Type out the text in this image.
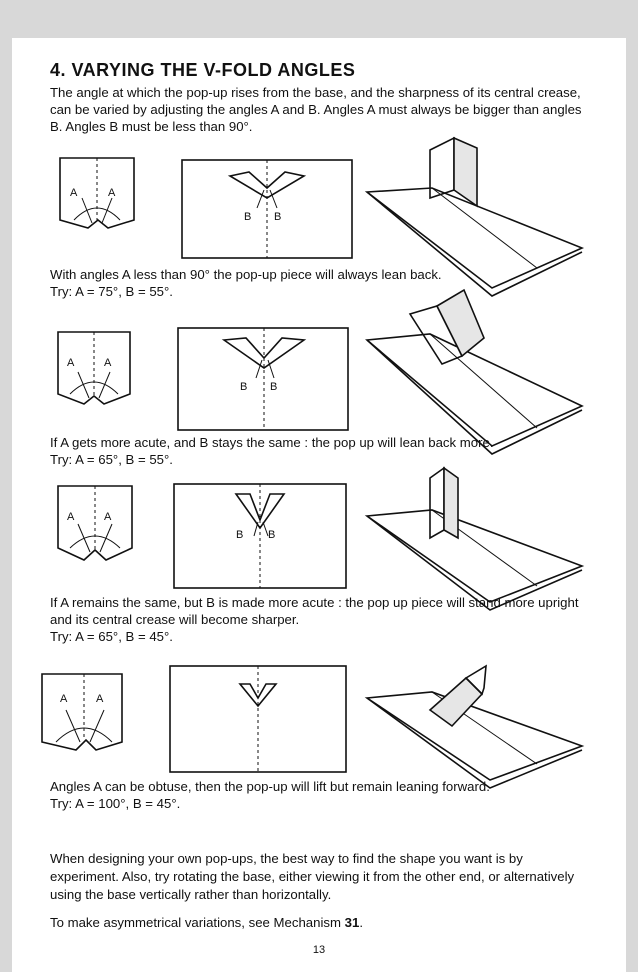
4. VARYING THE V-FOLD ANGLES
The angle at which the pop-up rises from the base, and the sharpness of its central crease, can be varied by adjusting the angles A and B. Angles A must always be bigger than angles B. Angles B must be less than 90°.
A	A
B B
With angles A less than 90° the pop-up piece will always lean back.
Try: A = 75°, B = 55°.
A	A
B B
If A gets more acute, and B stays the same : the pop up will lean back more.
Try: A = 65°, B = 55°.
A	A
B B
If A remains the same, but B is made more acute : the pop up piece will stand more upright and its central crease will become sharper.
Try: A = 65°, B = 45°.
A	A
Angles A can be obtuse, then the pop-up will lift but remain leaning forward.
Try: A = 100°, B = 45°.
When designing your own pop-ups, the best way to find the shape you want is by experiment. Also, try rotating the base, either viewing it from the other end, or alternatively using the base vertically rather than horizontally.
To make asymmetrical variations, see Mechanism 31.
13
